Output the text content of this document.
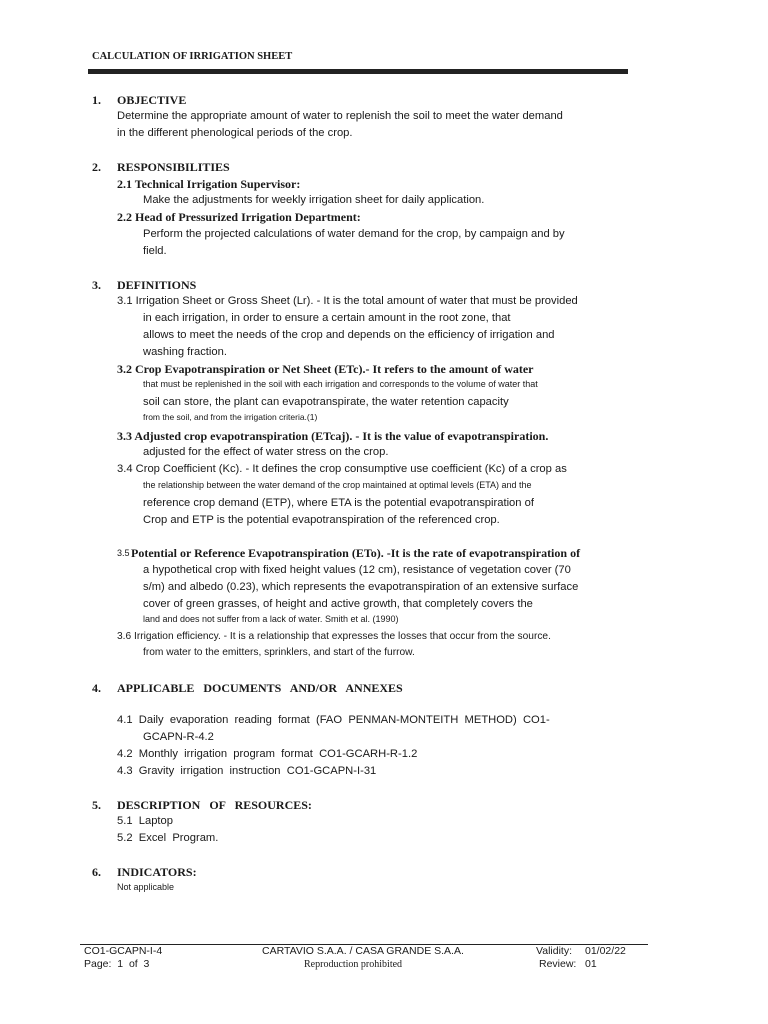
CALCULATION OF IRRIGATION SHEET
1. OBJECTIVE
Determine the appropriate amount of water to replenish the soil to meet the water demand
in the different phenological periods of the crop.
2. RESPONSIBILITIES
2.1 Technical Irrigation Supervisor:
Make the adjustments for weekly irrigation sheet for daily application.
2.2 Head of Pressurized Irrigation Department:
Perform the projected calculations of water demand for the crop, by campaign and by
field.
3. DEFINITIONS
3.1 Irrigation Sheet or Gross Sheet (Lr). - It is the total amount of water that must be provided
in each irrigation, in order to ensure a certain amount in the root zone, that
allows to meet the needs of the crop and depends on the efficiency of irrigation and
washing fraction.
3.2 Crop Evapotranspiration or Net Sheet (ETc).- It refers to the amount of water
that must be replenished in the soil with each irrigation and corresponds to the volume of water that
soil can store, the plant can evapotranspirate, the water retention capacity
from the soil, and from the irrigation criteria.(1)
3.3 Adjusted crop evapotranspiration (ETcaj). - It is the value of evapotranspiration.
adjusted for the effect of water stress on the crop.
3.4 Crop Coefficient (Kc). - It defines the crop consumptive use coefficient (Kc) of a crop as
the relationship between the water demand of the crop maintained at optimal levels (ETA) and the
reference crop demand (ETP), where ETA is the potential evapotranspiration of
Crop and ETP is the potential evapotranspiration of the referenced crop.
3.5 Potential or Reference Evapotranspiration (ETo). -It is the rate of evapotranspiration of
a hypothetical crop with fixed height values (12 cm), resistance of vegetation cover (70
s/m) and albedo (0.23), which represents the evapotranspiration of an extensive surface
cover of green grasses, of height and active growth, that completely covers the
land and does not suffer from a lack of water. Smith et al. (1990)
3.6 Irrigation efficiency. - It is a relationship that expresses the losses that occur from the source.
from water to the emitters, sprinklers, and start of the furrow.
4. APPLICABLE   DOCUMENTS   AND/OR   ANNEXES
4.1  Daily  evaporation  reading  format  (FAO  PENMAN-MONTEITH  METHOD)  CO1-
GCAPN-R-4.2
4.2  Monthly  irrigation  program  format  CO1-GCARH-R-1.2
4.3  Gravity  irrigation  instruction  CO1-GCAPN-I-31
5. DESCRIPTION   OF   RESOURCES:
5.1  Laptop
5.2  Excel  Program.
6. INDICATORS:
Not applicable
CO1-GCAPN-I-4
Page:  1  of  3
CARTAVIO S.A.A. / CASA GRANDE S.A.A.
Reproduction prohibited
Validity: 01/02/22
Review: 01
